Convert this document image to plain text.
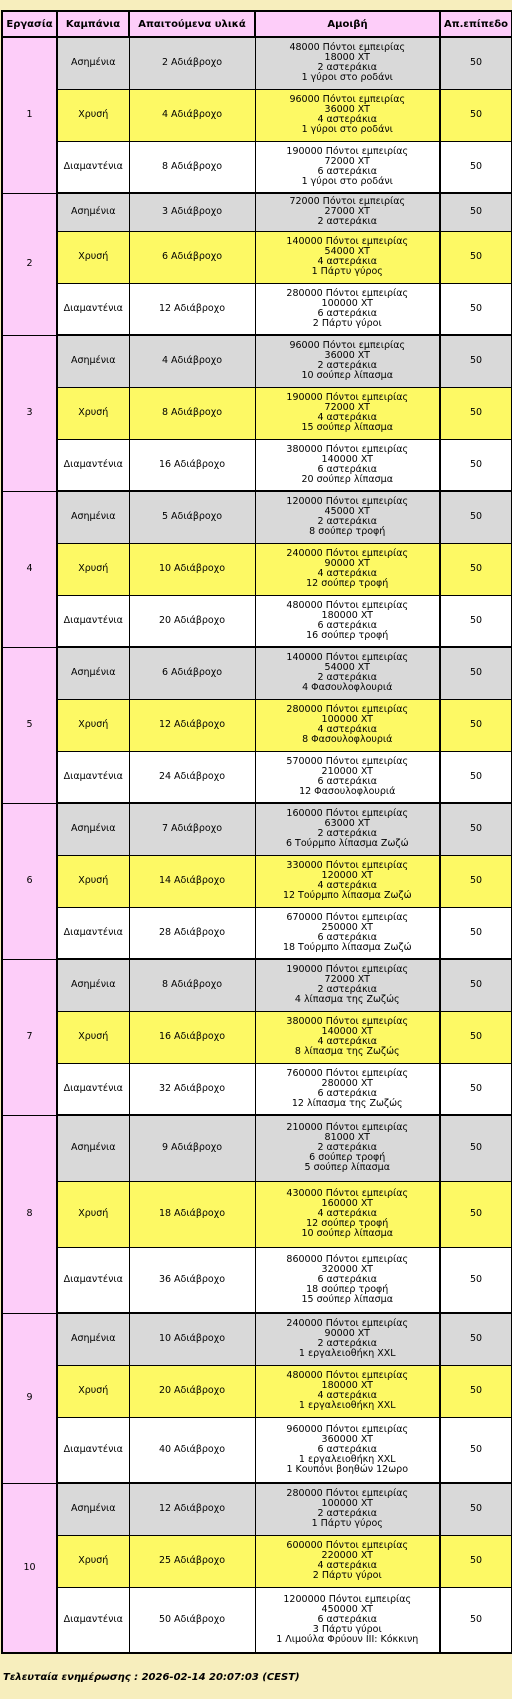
Εργασία	Καμπάνια	Απαιτούμενα υλικά	Αμοιβή	Απ.επίπεδο
1	Ασημένια	2 Αδιάβροχο	48000 Πόντοι εμπειρίας
18000 XT
2 αστεράκια
1 γύροι στο ροδάνι	50
	Χρυσή	4 Αδιάβροχο	96000 Πόντοι εμπειρίας
36000 XT
4 αστεράκια
1 γύροι στο ροδάνι	50
	Διαμαντένια	8 Αδιάβροχο	190000 Πόντοι εμπειρίας
72000 XT
6 αστεράκια
1 γύροι στο ροδάνι	50
2	Ασημένια	3 Αδιάβροχο	72000 Πόντοι εμπειρίας
27000 XT
2 αστεράκια	50
	Χρυσή	6 Αδιάβροχο	140000 Πόντοι εμπειρίας
54000 XT
4 αστεράκια
1 Πάρτυ γύρος	50
	Διαμαντένια	12 Αδιάβροχο	280000 Πόντοι εμπειρίας
100000 XT
6 αστεράκια
2 Πάρτυ γύροι	50
3	Ασημένια	4 Αδιάβροχο	96000 Πόντοι εμπειρίας
36000 XT
2 αστεράκια
10 σούπερ λίπασμα	50
	Χρυσή	8 Αδιάβροχο	190000 Πόντοι εμπειρίας
72000 XT
4 αστεράκια
15 σούπερ λίπασμα	50
	Διαμαντένια	16 Αδιάβροχο	380000 Πόντοι εμπειρίας
140000 XT
6 αστεράκια
20 σούπερ λίπασμα	50
4	Ασημένια	5 Αδιάβροχο	120000 Πόντοι εμπειρίας
45000 XT
2 αστεράκια
8 σούπερ τροφή	50
	Χρυσή	10 Αδιάβροχο	240000 Πόντοι εμπειρίας
90000 XT
4 αστεράκια
12 σούπερ τροφή	50
	Διαμαντένια	20 Αδιάβροχο	480000 Πόντοι εμπειρίας
180000 XT
6 αστεράκια
16 σούπερ τροφή	50
5	Ασημένια	6 Αδιάβροχο	140000 Πόντοι εμπειρίας
54000 XT
2 αστεράκια
4 Φασουλοφλουριά	50
	Χρυσή	12 Αδιάβροχο	280000 Πόντοι εμπειρίας
100000 XT
4 αστεράκια
8 Φασουλοφλουριά	50
	Διαμαντένια	24 Αδιάβροχο	570000 Πόντοι εμπειρίας
210000 XT
6 αστεράκια
12 Φασουλοφλουριά	50
6	Ασημένια	7 Αδιάβροχο	160000 Πόντοι εμπειρίας
63000 XT
2 αστεράκια
6 Τούρμπο λίπασμα Ζωζώ	50
	Χρυσή	14 Αδιάβροχο	330000 Πόντοι εμπειρίας
120000 XT
4 αστεράκια
12 Τούρμπο λίπασμα Ζωζώ	50
	Διαμαντένια	28 Αδιάβροχο	670000 Πόντοι εμπειρίας
250000 XT
6 αστεράκια
18 Τούρμπο λίπασμα Ζωζώ	50
7	Ασημένια	8 Αδιάβροχο	190000 Πόντοι εμπειρίας
72000 XT
2 αστεράκια
4 λίπασμα της Ζωζώς	50
	Χρυσή	16 Αδιάβροχο	380000 Πόντοι εμπειρίας
140000 XT
4 αστεράκια
8 λίπασμα της Ζωζώς	50
	Διαμαντένια	32 Αδιάβροχο	760000 Πόντοι εμπειρίας
280000 XT
6 αστεράκια
12 λίπασμα της Ζωζώς	50
8	Ασημένια	9 Αδιάβροχο	210000 Πόντοι εμπειρίας
81000 XT
2 αστεράκια
6 σούπερ τροφή
5 σούπερ λίπασμα	50
	Χρυσή	18 Αδιάβροχο	430000 Πόντοι εμπειρίας
160000 XT
4 αστεράκια
12 σούπερ τροφή
10 σούπερ λίπασμα	50
	Διαμαντένια	36 Αδιάβροχο	860000 Πόντοι εμπειρίας
320000 XT
6 αστεράκια
18 σούπερ τροφή
15 σούπερ λίπασμα	50
9	Ασημένια	10 Αδιάβροχο	240000 Πόντοι εμπειρίας
90000 XT
2 αστεράκια
1 εργαλειοθήκη XXL	50
	Χρυσή	20 Αδιάβροχο	480000 Πόντοι εμπειρίας
180000 XT
4 αστεράκια
1 εργαλειοθήκη XXL	50
	Διαμαντένια	40 Αδιάβροχο	960000 Πόντοι εμπειρίας
360000 XT
6 αστεράκια
1 εργαλειοθήκη XXL
1 Κουπόνι βοηθών 12ωρο	50
10	Ασημένια	12 Αδιάβροχο	280000 Πόντοι εμπειρίας
100000 XT
2 αστεράκια
1 Πάρτυ γύρος	50
	Χρυσή	25 Αδιάβροχο	600000 Πόντοι εμπειρίας
220000 XT
4 αστεράκια
2 Πάρτυ γύροι	50
	Διαμαντένια	50 Αδιάβροχο	1200000 Πόντοι εμπειρίας
450000 XT
6 αστεράκια
3 Πάρτυ γύροι
1 Λιμούλα Φρύουν III: Κόκκινη	50
Τελευταία ενημέρωσης : 2026-02-14 20:07:03 (CEST)
